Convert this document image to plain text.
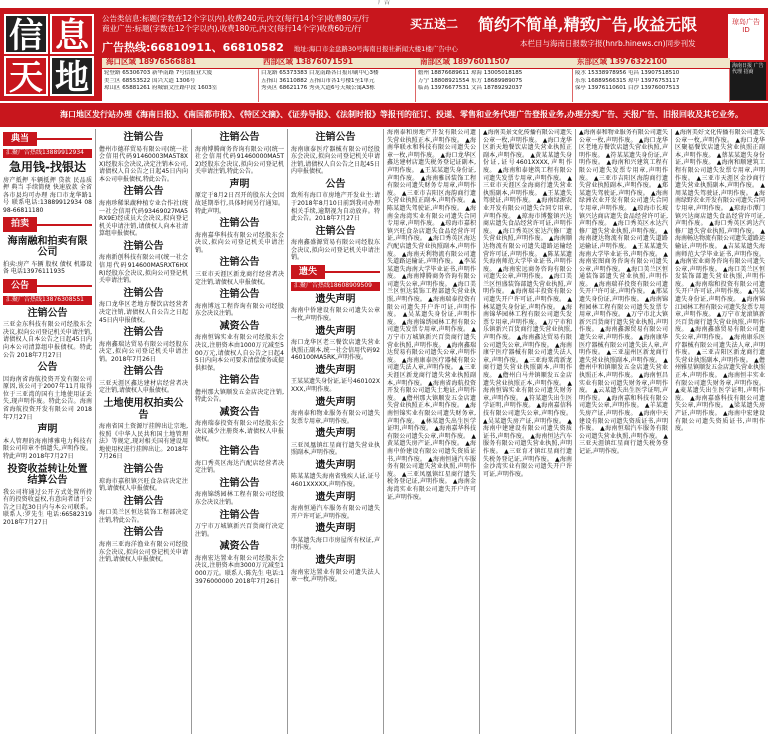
广告
信 息
天 地
公告类信息:标题(字数在12个字以内),收费240元,内文(每行14个字)收费80元/行
商业广告:标题(字数在12个字以内),收费180元,内文(每行14个字)收费60元/行
广告热线:66810911、66810582 地址:海口市金盘路30号海南日报社新闻大楼1楼广告中心
买五送二 简约不简单,精致广告,收益无限
本栏目与海南日报数字报(hnrb.hinews.cn)同步刊发
琼岛广告 ID
海口区域 18976566881	西部区域 13876071591	南部区域 18976011507	东部区域 13976322100
轮登路 65306703 新华南路 7号信报业大厦
美兰区 68553522 国兴大道 1306号
琼山区 65881261 府城镇文庄路中段 1603室
白龙路 65373383 白龙南路各日报印刷中心3楼
五指山 36110882 五指山市各1号楼1至1单元
秀英区 68621176 秀英大道6号天城公寓A3栋
儋州 18876689611 琼海 13005018185
万宁 18808921554 东方 18689989075
临高 13976677531 文昌 18789292037
陵水 15338978956 屯昌 13907518510
乐东 16889566315 琼中 13976753117
保亭 13976110601 白沙 13976007513
海南日报 广告代理 招商
海口地区发行站办理《海南日报》、《南国都市报》、《特区文摘》、《证券导报》、《法制时报》等报刊的征订、投递、零售和业务代理广告登报业务,办理分类广告、天报广告、旧报回收及其它业务。
典当
汇聚广告热线13889912934
急用钱-找银达
房产抵押 车辆抵押 贷款 民品质押 典当 手续简便 快速放款 全省各市县均可办理 海口市龙华路1号 联系电话:13889912934 0898-66811180
拍卖
海南融和拍卖有限公司
拍卖:房产 车辆 股权 债权 机器设备 电话13976111935
公告
汇聚广告热线13876308551
注销公告
三亚金东科技有限公司经股东会决议,拟向公司登记机关申请注销,请债权人自本公告之日起45日内向本公司清算组申报债权。特此公告 2018年7月27日
公告
因海南省海航投资开发有限公司原因,该公司于2007年11月取得位于三亚湾的国有土地使用证丢失,现声明作废。特此公告。海南省海航投资开发有限公司 2018年7月27日
声明
本人管理的海南博雅电力科技有限公司印章不慎遗失,声明作废。特此声明 2018年7月27日
投资收益转让处置结算公告
我公司将通过公开方式处置所持有的投资收益权,有意向者请于公告之日起30日内与本公司联系。联系人:罗先生 电话:66582319 2018年7月27日
注销公告
儋州市德祥贸易有限公司(统一社会信用代码91460003MA5T8XX)经股东会决议,决定注销本公司,请债权人自公告之日起45日内向本公司申报债权,特此公告。
注销公告
海南珍稀果蔬种植专业合作社(统一社会信用代码93469027MA5RX9E)经成员大会决议,拟向登记机关申请注销,请债权人向本社清算组申报债权。
注销公告
海南新创科技有限公司(统一社会信用代码914600MA5RXT6HXR)经股东会决议,拟向公司登记机关申请注销。
注销公告
海口龙华区老地方餐饮店经营者决定注销,请债权人自公告之日起45日内申报债权。
注销公告
海南鑫瑞达贸易有限公司经股东决定,拟向公司登记机关申请注销。2018年7月26日
注销公告
三亚天涯区鑫达建材店经营者决定注销,请债权人申报债权。
土地使用权拍卖公告
海南省国土资源厅挂牌出让宗地,按照《中华人民共和国土地管理法》等规定,现对相关国有建设用地使用权进行挂牌出让。2018年7月26日
注销公告
琼海市嘉积镇兴旺食杂店决定注销,请债权人申报债权。
注销公告
海口美兰区恒达装饰工程部决定注销,特此公告。
注销公告
海南三亚海洋渔业有限公司经股东会决议,拟向公司登记机关申请注销,请债权人申报债权。
注销公告
海南博腾商务咨询有限公司(统一社会信用代码91460000MA5T2)经股东会决议,拟向公司登记机关申请注销,特此公告。
声明
原定于8月2日召开的股东大会因故延期举行,具体时间另行通知。特此声明。
注销公告
海南嘉华科技有限公司经股东会决议,拟向公司登记机关申请注销。
注销公告
三亚市天涯区新龙商行经营者决定注销,请债权人申报债权。
注销公告
海南博远工程咨询有限公司经股东会决议注销。
减资公告
海南恒锦实业有限公司经股东会决议,注册资本由1000万元减至500万元,请债权人自公告之日起45日内向本公司要求清偿债务或提供担保。
注销公告
儋州那大镇顺发五金店决定注销,特此公告。
减资公告
海南瑞泰投资有限公司经股东会决议减少注册资本,请债权人申报债权。
注销公告
海口秀英区海达汽配店经营者决定注销。
注销公告
海南锦绣园林工程有限公司经股东会决议注销。
注销公告
万宁市万城镇新兴百货商行决定注销。
减资公告
海南宏达置业有限公司经股东会决议,注册资本由3000万元减至1000万元。联系人:陈先生 电话:13976000000 2018年7月26日
注销公告
海南康泰医疗器械有限公司经股东会决议,拟向公司登记机关申请注销,请债权人自公告之日起45日内申报债权。
公告
致所有海口市房地产开发业主:请于2018年8月10日前到我司办理相关手续,逾期视为自动放弃。特此公告。2018年7月27日
注销公告
海南鑫盛源贸易有限公司经股东会决议,拟向公司登记机关申请注销。
遗失
汇聚广告热线18608909509
遗失声明
海南中侨建设有限公司遗失公章一枚,声明作废。
遗失声明
海口龙华区老三餐饮店遗失营业执照正副本,统一社会信用代码92460100MA5RK,声明作废。
遗失声明
王某某遗失身份证,证号460102XXXX,声明作废。
遗失声明
海南泰和物业服务有限公司遗失发票专用章,声明作废。
遗失声明
三亚凤凰镇红星商行遗失营业执照副本,声明作废。
遗失声明
陈某某遗失海南省残疾人证,证号4601XXXXX,声明作废。
遗失声明
海南恒通汽车服务有限公司遗失开户许可证,声明作废。
遗失声明
李某遗失海口市房屋所有权证,声明作废。
遗失声明
海南宏达置业有限公司遗失法人章一枚,声明作废。
海南泰和房地产开发有限公司遗失营业执照正本,声明作废。 ▲海南华联永和科技有限公司遗失公章一枚,声明作废。 ▲海口龙华区鑫达建材店遗失税务登记证副本,声明作废。 ▲王某某遗失身份证,声明作废。 ▲海南雅居装饰工程有限公司遗失财务专用章,声明作废。 ▲三亚市吉阳区海韵商行遗失营业执照正副本,声明作废。 ▲陈某遗失驾驶证,声明作废。 ▲海南金海湾实业有限公司遗失合同专用章,声明作废。 ▲琼海市嘉积镇兴旺食杂店遗失食品经营许可证,声明作废。 ▲海口秀英区海达汽配店遗失营业执照副本,声明作废。 ▲海南天利物流有限公司遗失道路运输证,声明作废。 ▲李某某遗失海南大学毕业证书,声明作废。 ▲海南博腾商务咨询有限公司遗失公章,声明作废。 ▲海口美兰区恒达装饰工程部遗失营业执照,声明作废。 ▲海南瑞泰投资有限公司遗失开户许可证,声明作废。 ▲吴某遗失身份证,声明作废。 ▲海南锦绣园林工程有限公司遗失发票专用章,声明作废。 ▲万宁市万城镇新兴百货商行遗失营业执照,声明作废。 ▲海南鑫瑞达贸易有限公司遗失公章,声明作废。 ▲海南康泰医疗器械有限公司遗失法人章,声明作废。 ▲三亚天涯区新龙商行遗失营业执照副本,声明作废。 ▲海南省海航投资开发有限公司遗失土地证,声明作废。 ▲儋州那大镇顺发五金店遗失营业执照正本,声明作废。 ▲海南恒锦实业有限公司遗失财务章,声明作废。 ▲林某遗失出生医学证明,声明作废。 ▲海南嘉华科技有限公司遗失公章,声明作废。 ▲黄某遗失房产证,声明作废。 ▲海南中侨建设有限公司遗失资质证书,声明作废。 ▲海南恒通汽车服务有限公司遗失营业执照,声明作废。 ▲三亚凤凰镇红星商行遗失税务登记证,声明作废。 ▲海南金海湾实业有限公司遗失开户许可证,声明作废。
▲海南美景文化传播有限公司遗失公章一枚,声明作废。 ▲海口龙华区新天地餐饮店遗失营业执照正副本,声明作废。 ▲黄某某遗失身份证,证号4601XXXX,声明作废。 ▲海南和泰建筑工程有限公司遗失发票专用章,声明作废。 ▲三亚市天涯区金海商行遗失营业执照副本,声明作废。 ▲王某遗失驾驶证,声明作废。 ▲海南绿源农业开发有限公司遗失合同专用章,声明作废。 ▲琼海市博鳌镇兴达商店遗失食品经营许可证,声明作废。 ▲海口秀英区宏达汽修厂遗失营业执照,声明作废。 ▲海南顺达物流有限公司遗失道路运输经营许可证,声明作废。 ▲陈某某遗失海南师范大学毕业证书,声明作废。 ▲海南宏远商务咨询有限公司遗失公章,声明作废。 ▲海口美兰区恒盛装饰部遗失营业执照,声明作废。 ▲海南瑞丰投资有限公司遗失开户许可证,声明作废。 ▲林某遗失身份证,声明作废。 ▲海南锦华园林工程有限公司遗失发票专用章,声明作废。 ▲万宁市和乐镇新兴百货商行遗失营业执照,声明作废。 ▲海南鑫达贸易有限公司遗失公章,声明作废。 ▲海南康宁医疗器械有限公司遗失法人章,声明作废。 ▲三亚海棠湾新龙商行遗失营业执照副本,声明作废。 ▲儋州白马井镇顺发五金店遗失营业执照正本,声明作废。 ▲海南恒锦实业有限公司遗失财务章,声明作废。 ▲符某遗失出生医学证明,声明作废。 ▲海南嘉信科技有限公司遗失公章,声明作废。 ▲吴某遗失房产证,声明作废。 ▲海南中建建设有限公司遗失资质证书,声明作废。 ▲海南恒达汽车服务有限公司遗失营业执照,声明作废。 ▲三亚育才镇红星商行遗失税务登记证,声明作废。 ▲海南金沙湾实业有限公司遗失开户许可证,声明作废。
▲海南泰和物业服务有限公司遗失公章一枚,声明作废。 ▲海口龙华区老地方餐饮店遗失营业执照,声明作废。 ▲符某某遗失身份证,声明作废。 ▲海南和兴建筑工程有限公司遗失发票专用章,声明作废。 ▲三亚市吉阳区海韵商行遗失营业执照副本,声明作废。 ▲郑某遗失驾驶证,声明作废。 ▲海南绿洲农业开发有限公司遗失合同专用章,声明作废。 ▲琼海市长坡镇兴达商店遗失食品经营许可证,声明作废。 ▲海口秀英区永达汽修厂遗失营业执照,声明作废。 ▲海南捷达物流有限公司遗失道路运输证,声明作废。 ▲王某某遗失海南大学毕业证书,声明作废。 ▲海南宏图商务咨询有限公司遗失公章,声明作废。 ▲海口美兰区恒通装饰部遗失营业执照,声明作废。 ▲海南瑞祥投资有限公司遗失开户许可证,声明作废。 ▲邢某遗失身份证,声明作废。 ▲海南锦程园林工程有限公司遗失发票专用章,声明作废。 ▲万宁市北大镇新兴百货商行遗失营业执照,声明作废。 ▲海南鑫源贸易有限公司遗失公章,声明作废。 ▲海南康华医疗器械有限公司遗失法人章,声明作废。 ▲三亚崖州区新龙商行遗失营业执照副本,声明作废。 ▲儋州中和镇顺发五金店遗失营业执照正本,声明作废。 ▲海南恒昌实业有限公司遗失财务章,声明作废。 ▲云某遗失出生医学证明,声明作废。 ▲海南嘉和科技有限公司遗失公章,声明作废。 ▲羊某遗失房产证,声明作废。 ▲海南中天建设有限公司遗失资质证书,声明作废。 ▲海南恒瑞汽车服务有限公司遗失营业执照,声明作废。 ▲三亚天涯镇红星商行遗失税务登记证,声明作废。
▲海南美好文化传播有限公司遗失公章一枚,声明作废。 ▲海口龙华区聚福餐饮店遗失营业执照正副本,声明作废。 ▲蔡某某遗失身份证,声明作废。 ▲海南和顺建筑工程有限公司遗失发票专用章,声明作废。 ▲三亚市天涯区金沙商行遗失营业执照副本,声明作废。 ▲周某遗失驾驶证,声明作废。 ▲海南绿野农业开发有限公司遗失合同专用章,声明作废。 ▲琼海市潭门镇兴达商店遗失食品经营许可证,声明作废。 ▲海口秀英区鸿达汽修厂遗失营业执照,声明作废。 ▲海南畅达物流有限公司遗失道路运输证,声明作废。 ▲吉某某遗失海南师范大学毕业证书,声明作废。 ▲海南宏业商务咨询有限公司遗失公章,声明作废。 ▲海口美兰区恒发装饰部遗失营业执照,声明作废。 ▲海南瑞和投资有限公司遗失开户许可证,声明作废。 ▲冯某遗失身份证,声明作废。 ▲海南锦江园林工程有限公司遗失发票专用章,声明作废。 ▲万宁市龙滚镇新兴百货商行遗失营业执照,声明作废。 ▲海南鑫盛贸易有限公司遗失公章,声明作废。 ▲海南康乐医疗器械有限公司遗失法人章,声明作废。 ▲三亚吉阳区新龙商行遗失营业执照副本,声明作废。 ▲儋州雅星镇顺发五金店遗失营业执照正本,声明作废。 ▲海南恒丰实业有限公司遗失财务章,声明作废。 ▲麦某遗失出生医学证明,声明作废。 ▲海南嘉盛科技有限公司遗失公章,声明作废。 ▲梁某遗失房产证,声明作废。 ▲海南中宏建设有限公司遗失资质证书,声明作废。
